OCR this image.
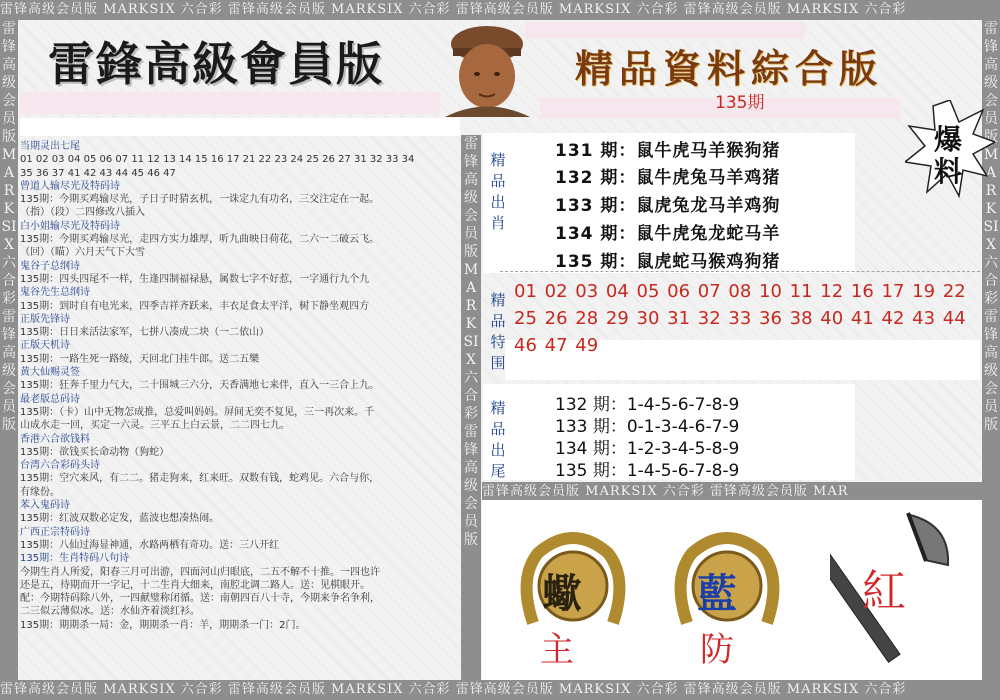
雷锋高级会员版 MARKSIX 六合彩 雷锋高级会员版 MARKSIX 六合彩 雷锋高级会员版 MARKSIX 六合彩 雷锋高级会员版 MARKSIX 六合彩
雷锋高级会员版 MARKSIX 六合彩 雷锋高级会员版 MARKSIX 六合彩 雷锋高级会员版 MARKSIX 六合彩 雷锋高级会员版 MARKSIX 六合彩
雷锋高级会员版MARKSIX六合彩雷锋高级会员版
雷锋高级会员版MARKSIX六合彩雷锋高级会员版
雷锋高级会员版MARKSIX六合彩雷锋高级会员版
雷鋒高級會員版	精品資料綜合版
135期
爆料
当期灵出七尾
01 02 03 04 05 06 07 11 12 13 14 15 16 17 21 22 23 24 25 26 27 31 32 33 34
35 36 37 41 42 43 44 45 46 47
曾道人输尽光及特码诗
135期：今期买鸡输尽光，子日子时猜玄机，一诛定九有功名，三交注定在一起。
（指）（段）二四修改八插入
白小姐输尽光及特码诗
135期：今期买鸡输尽光，走四方实力雄厚，听九曲映日荷花，二六一二破云飞。
（回）（瞄）六月天气下大雪
鬼谷子总纲诗
135期：四头四尾不一样，生逢四制福禄悬，属数七字不好惹，一字通行九个九
鬼谷先生总纲诗
135期：到时自有电光来，四季吉祥齐跃来，丰衣足食太平洋，树下静坐观四方
正版先锋诗
135期：日日来活法家军，七拼八凑成二块（一二依山）
正版天机诗
135期：一路生死一路绫，天回北门挂牛郎。送二五樂
黄大仙赐灵签
135期：狂奔千里力气大，二十围城三六分，天香满地七来伴，直入一三合上九。
最老版总码诗
135期：（卡）山中无物怎成推，总爱叫妈妈。屏间无奕不复见，三一再次来。千
山成水走一回，买定一六灵。三平五上白云景，二二四七九。
香港六合欲钱料
135期：欲钱买长命动物（狗蛇）
台湾六合彩码头诗
135期：空穴来风，有二二。猪走狗来，红来旺。双数有钱，蛇鸡见。六合与你，
有缘份。
苯入鬼码诗
135期：红波双数必定发，蓝波也想凑热闹。
广西正宗特码诗
135期：八仙过海显神通，水路两栖有奇功。送：三八开红
135期：生肖特码八句诗
今期生肖人所爱，阳春三月可出游，四面河山归眼底，二五不解不十推。一四也许
还是五，待期而开一字记，十二生肖大细来，南腔北调二路人。送：见棋眼开。
配：今期特码除八外，一四献璧称闭循。送：南朝四百八十寺，今期来争名争利，
二三似云薄似冰。送：水仙齐着淡红衫。
135期：期期杀一局：金，期期杀一肖：羊，期期杀一门：2门。
精品出肖
131 期：鼠牛虎马羊猴狗猪
132 期：鼠牛虎兔马羊鸡猪
133 期：鼠虎兔龙马羊鸡狗
134 期：鼠牛虎兔龙蛇马羊
135 期：鼠虎蛇马猴鸡狗猪
精品特围
01 02 03 04 05 06 07 08 10 11 12 16 17 19 22 25 26 28 29 30 31 32 33 36 38 40 41 42 43 44 46 47 49
精品出尾
132 期：1-4-5-6-7-8-9
133 期：0-1-3-4-6-7-9
134 期：1-2-3-4-5-8-9
135 期：1-4-5-6-7-8-9
雷锋高级会员版 MARKSIX 六合彩 雷锋高级会员版 MAR
蠍
主
藍
防
紅
